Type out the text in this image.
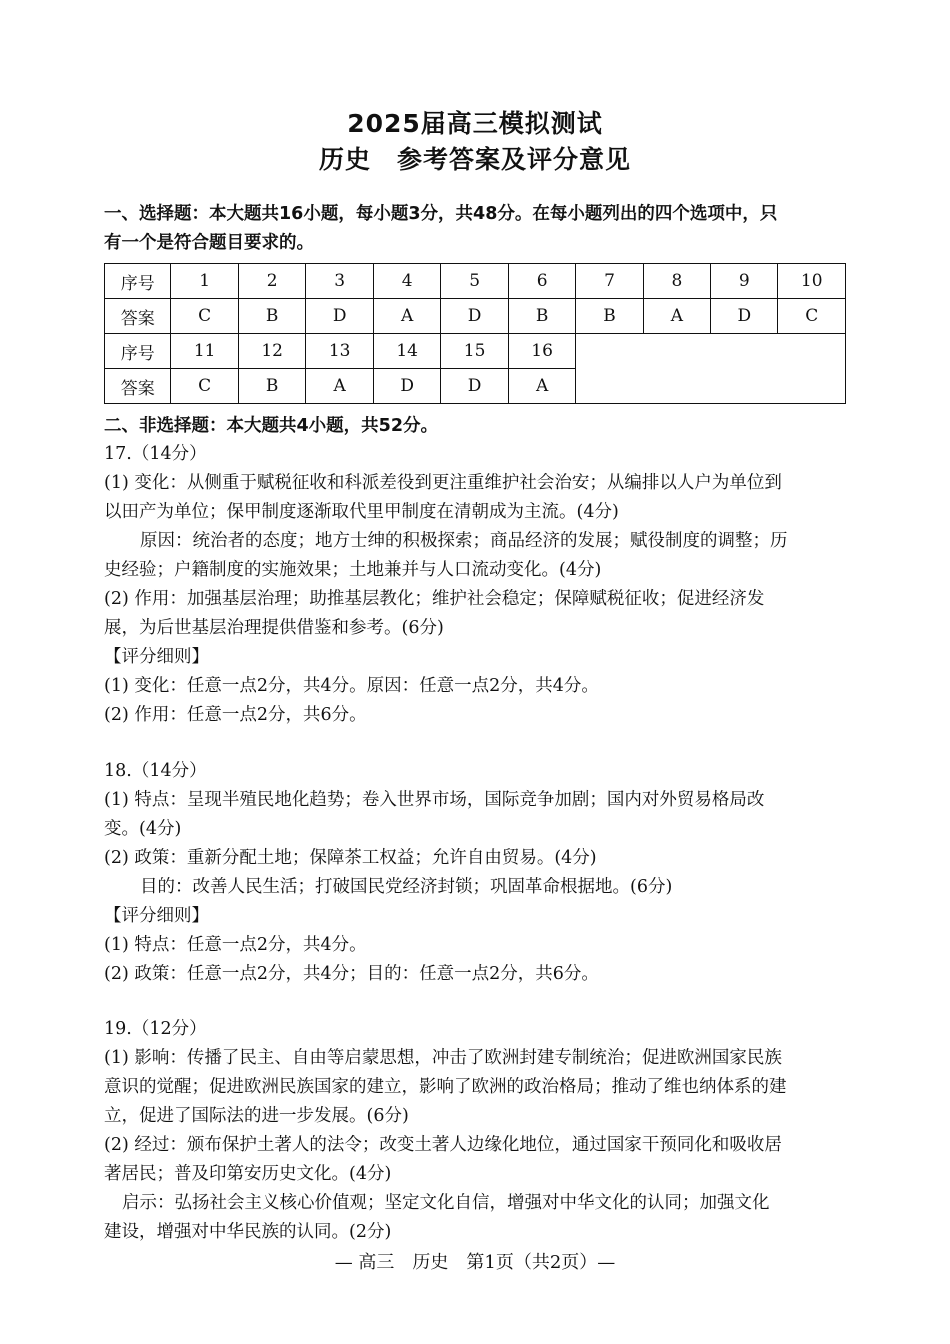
2025届高三模拟测试
历史　参考答案及评分意见
一、选择题：本大题共16小题，每小题3分，共48分。在每小题列出的四个选项中，只
有一个是符合题目要求的。
序号	1	2	3	4	5	6	7	8	9	10
答案	C	B	D	A	D	B	B	A	D	C
序号	11	12	13	14	15	16				
答案	C	B	A	D	D	A				
二、非选择题：本大题共4小题，共52分。
17.（14分）
(1) 变化：从侧重于赋税征收和科派差役到更注重维护社会治安；从编排以人户为单位到
以田产为单位；保甲制度逐渐取代里甲制度在清朝成为主流。(4分)
原因：统治者的态度；地方士绅的积极探索；商品经济的发展；赋役制度的调整；历
史经验；户籍制度的实施效果；土地兼并与人口流动变化。(4分)
(2) 作用：加强基层治理；助推基层教化；维护社会稳定；保障赋税征收；促进经济发
展，为后世基层治理提供借鉴和参考。(6分)
【评分细则】
(1) 变化：任意一点2分，共4分。原因：任意一点2分，共4分。
(2) 作用：任意一点2分，共6分。
18.（14分）
(1) 特点：呈现半殖民地化趋势；卷入世界市场，国际竞争加剧；国内对外贸易格局改
变。(4分)
(2) 政策：重新分配土地；保障茶工权益；允许自由贸易。(4分)
目的：改善人民生活；打破国民党经济封锁；巩固革命根据地。(6分)
【评分细则】
(1) 特点：任意一点2分，共4分。
(2) 政策：任意一点2分，共4分；目的：任意一点2分，共6分。
19.（12分）
(1) 影响：传播了民主、自由等启蒙思想，冲击了欧洲封建专制统治；促进欧洲国家民族
意识的觉醒；促进欧洲民族国家的建立，影响了欧洲的政治格局；推动了维也纳体系的建
立，促进了国际法的进一步发展。(6分)
(2) 经过：颁布保护土著人的法令；改变土著人边缘化地位，通过国家干预同化和吸收居
著居民；普及印第安历史文化。(4分)
启示：弘扬社会主义核心价值观；坚定文化自信，增强对中华文化的认同；加强文化
建设，增强对中华民族的认同。(2分)
— 高三　历史　第1页（共2页）—
